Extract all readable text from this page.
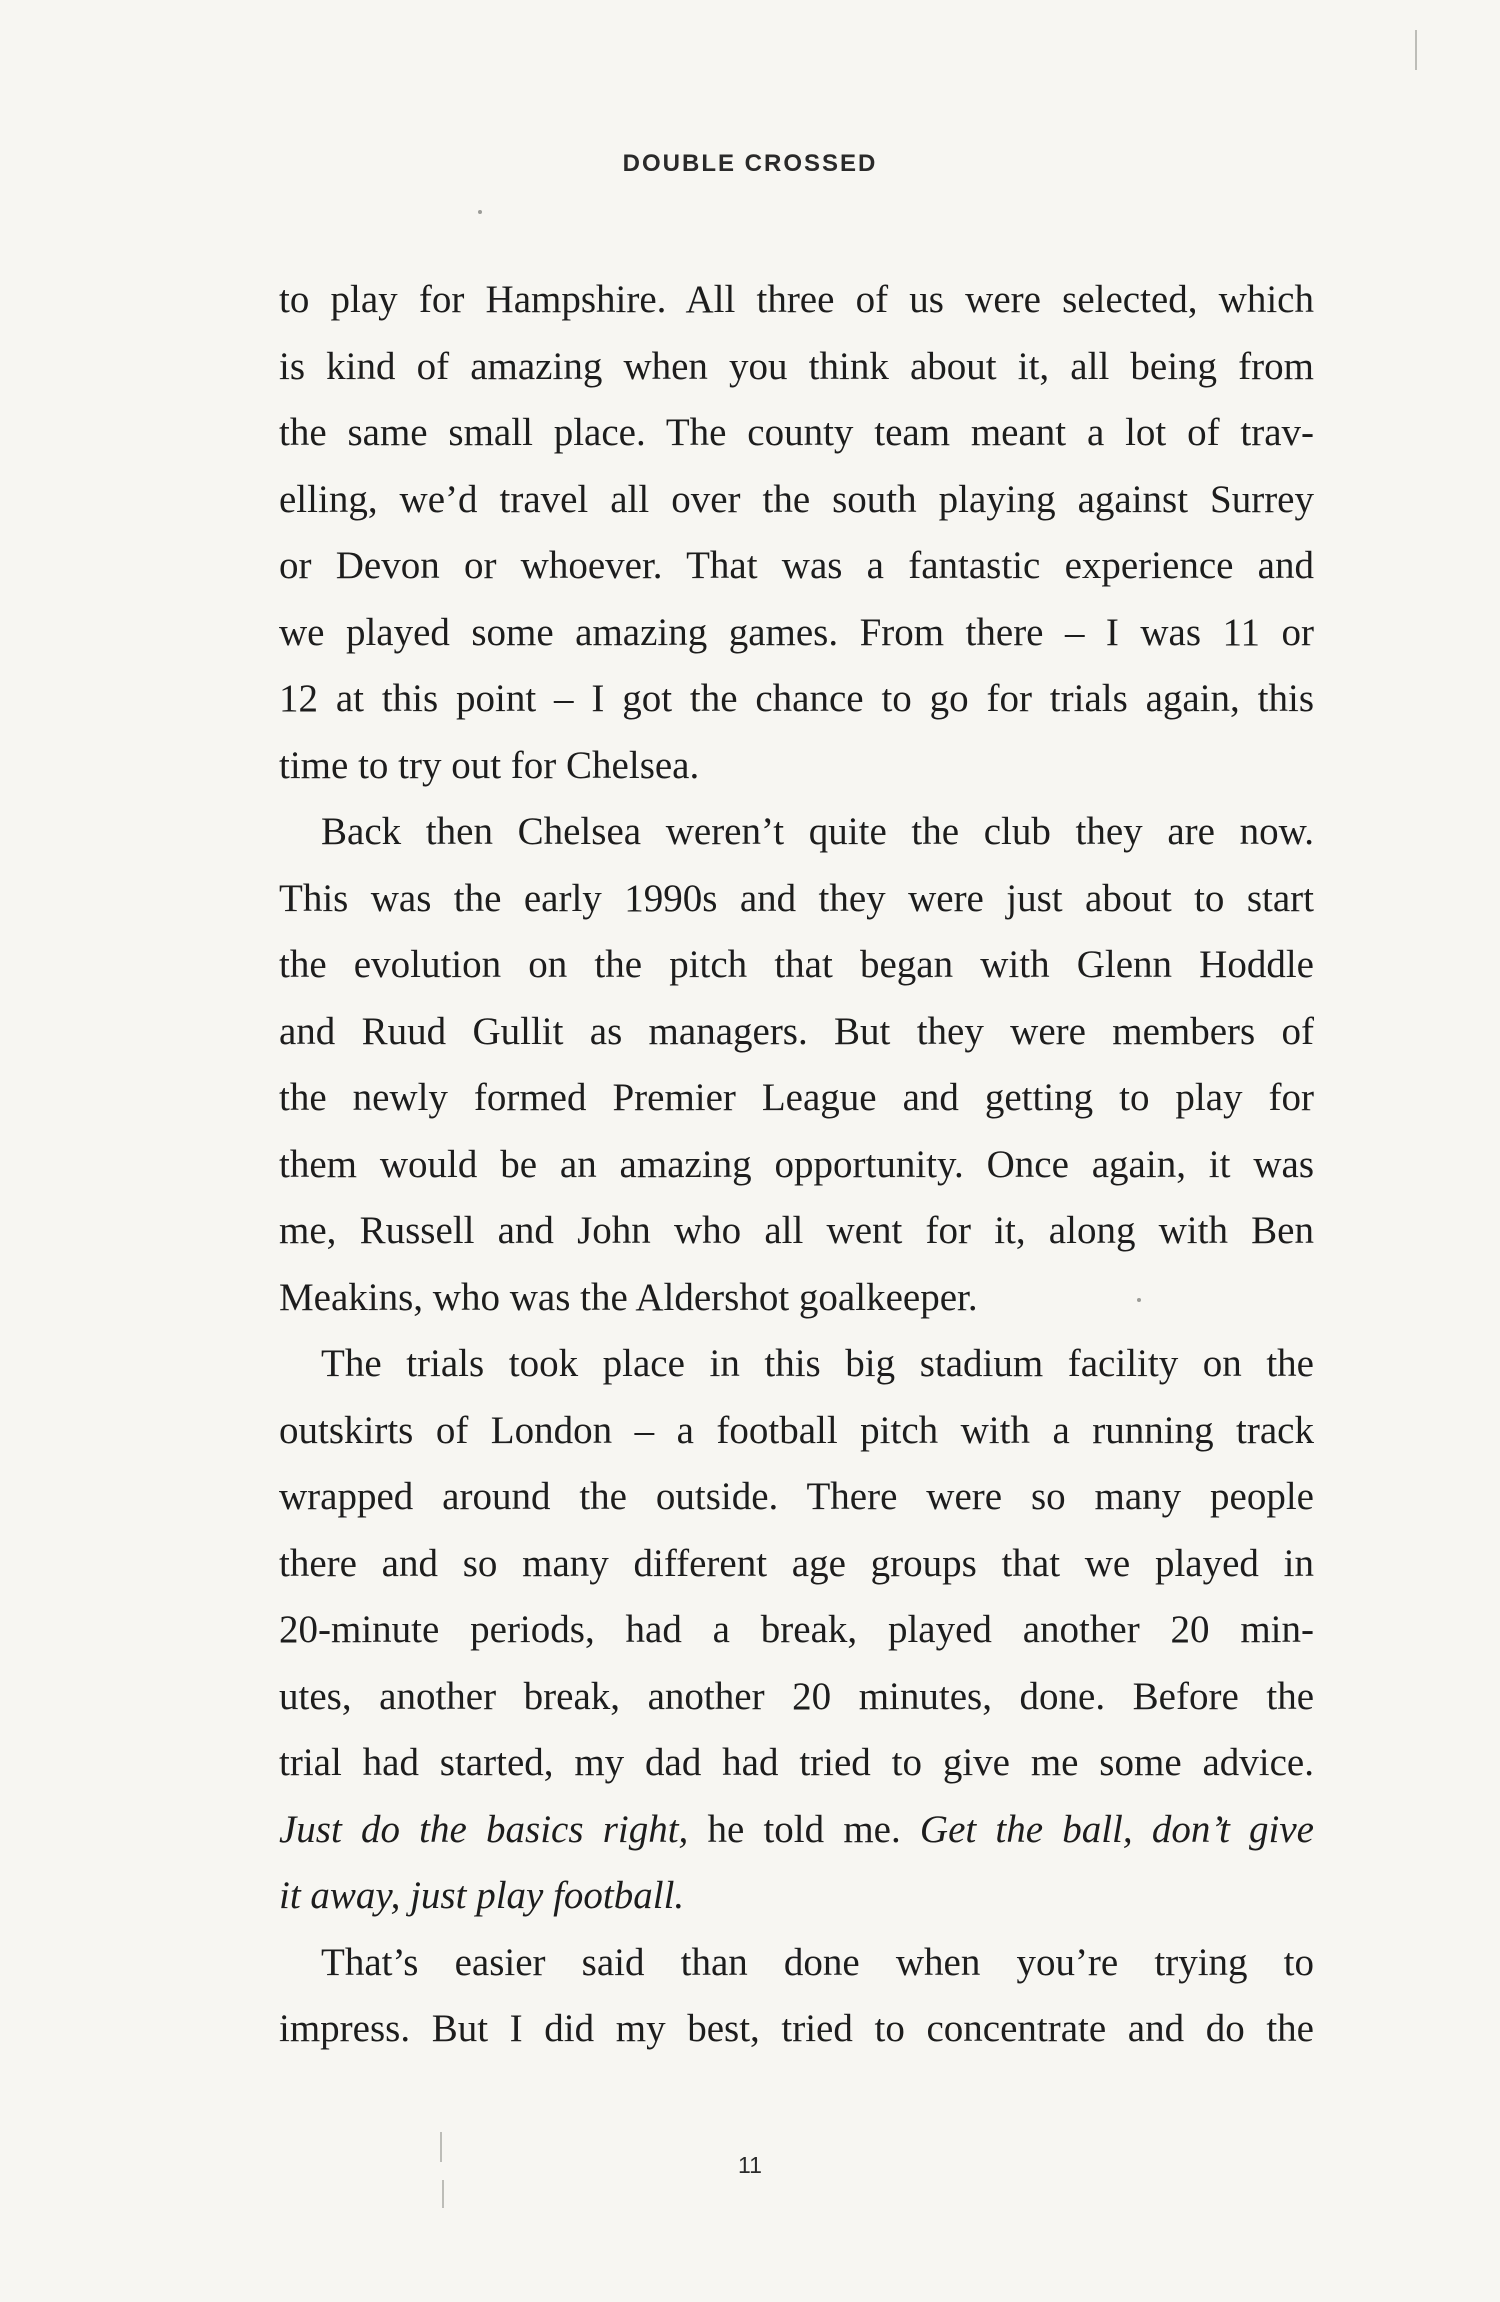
DOUBLE CROSSED
to play for Hampshire. All three of us were selected, which
is kind of amazing when you think about it, all being from
the same small place. The county team meant a lot of trav-
elling, we’d travel all over the south playing against Surrey
or Devon or whoever. That was a fantastic experience and
we played some amazing games. From there – I was 11 or
12 at this point – I got the chance to go for trials again, this
time to try out for Chelsea.
Back then Chelsea weren’t quite the club they are now.
This was the early 1990s and they were just about to start
the evolution on the pitch that began with Glenn Hoddle
and Ruud Gullit as managers. But they were members of
the newly formed Premier League and getting to play for
them would be an amazing opportunity. Once again, it was
me, Russell and John who all went for it, along with Ben
Meakins, who was the Aldershot goalkeeper.
The trials took place in this big stadium facility on the
outskirts of London – a football pitch with a running track
wrapped around the outside. There were so many people
there and so many different age groups that we played in
20-minute periods, had a break, played another 20 min-
utes, another break, another 20 minutes, done. Before the
trial had started, my dad had tried to give me some advice.
Just do the basics right, he told me. Get the ball, don’t give
it away, just play football.
That’s easier said than done when you’re trying to
impress. But I did my best, tried to concentrate and do the
11
